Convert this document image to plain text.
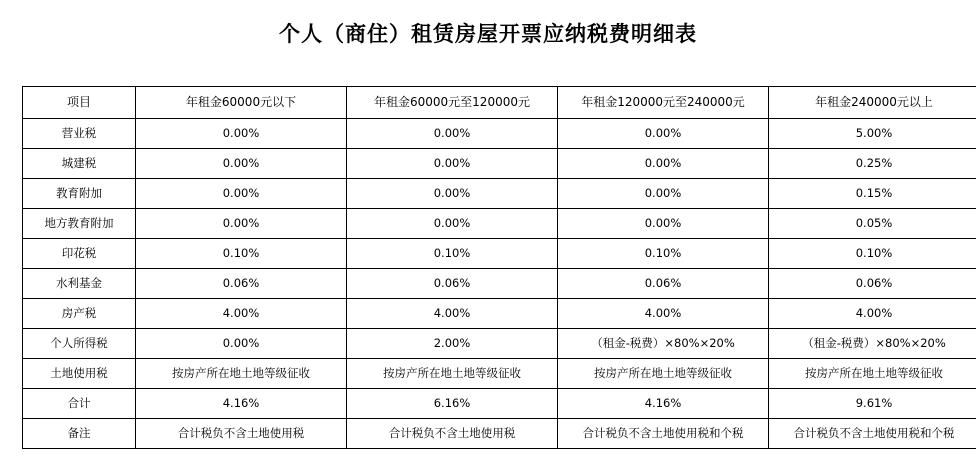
个人（商住）租赁房屋开票应纳税费明细表
项目	年租金60000元以下	年租金60000元至120000元	年租金120000元至240000元	年租金240000元以上
营业税	0.00%	0.00%	0.00%	5.00%
城建税	0.00%	0.00%	0.00%	0.25%
教育附加	0.00%	0.00%	0.00%	0.15%
地方教育附加	0.00%	0.00%	0.00%	0.05%
印花税	0.10%	0.10%	0.10%	0.10%
水利基金	0.06%	0.06%	0.06%	0.06%
房产税	4.00%	4.00%	4.00%	4.00%
个人所得税	0.00%	2.00%	（租金-税费）×80%×20%	（租金-税费）×80%×20%
土地使用税	按房产所在地土地等级征收	按房产所在地土地等级征收	按房产所在地土地等级征收	按房产所在地土地等级征收
合计	4.16%	6.16%	4.16%	9.61%
备注	合计税负不含土地使用税	合计税负不含土地使用税	合计税负不含土地使用税和个税	合计税负不含土地使用税和个税
